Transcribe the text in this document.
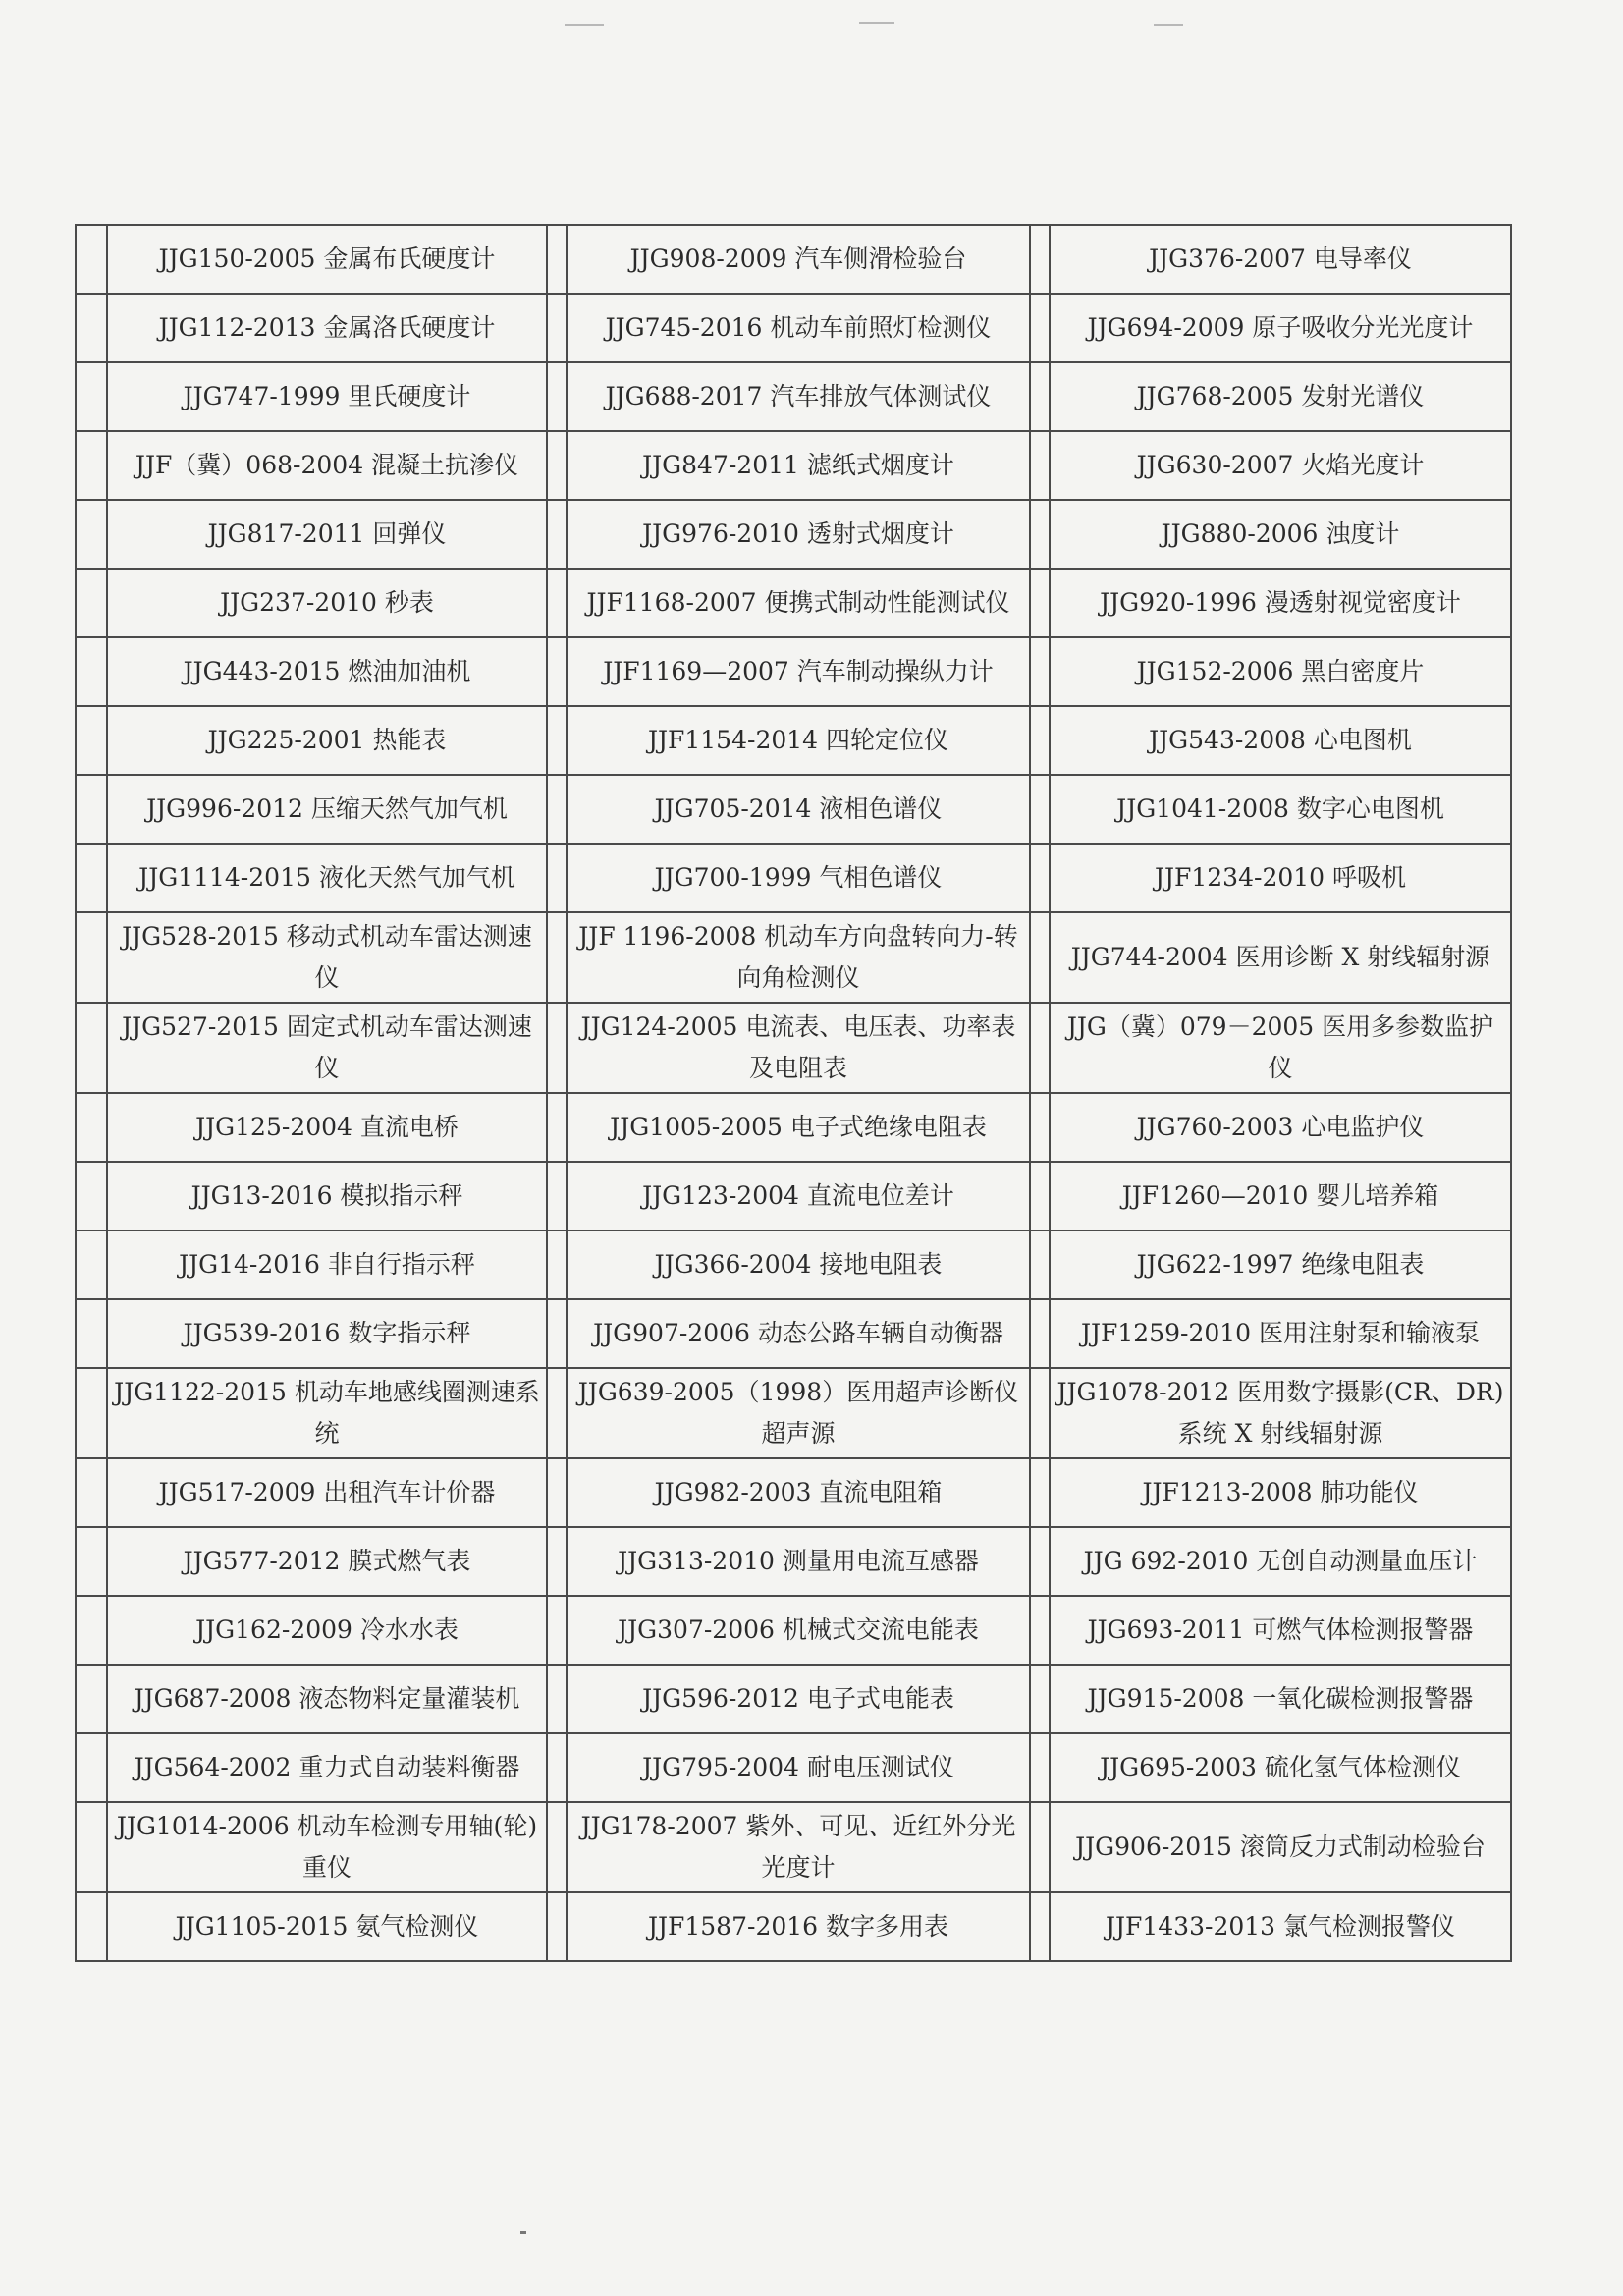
	JJG150-2005 金属布氏硬度计		JJG908-2009 汽车侧滑检验台		JJG376-2007 电导率仪
	JJG112-2013 金属洛氏硬度计		JJG745-2016 机动车前照灯检测仪		JJG694-2009 原子吸收分光光度计
	JJG747-1999 里氏硬度计		JJG688-2017 汽车排放气体测试仪		JJG768-2005 发射光谱仪
	JJF（冀）068-2004 混凝土抗渗仪		JJG847-2011 滤纸式烟度计		JJG630-2007 火焰光度计
	JJG817-2011 回弹仪		JJG976-2010 透射式烟度计		JJG880-2006 浊度计
	JJG237-2010 秒表		JJF1168-2007 便携式制动性能测试仪		JJG920-1996 漫透射视觉密度计
	JJG443-2015 燃油加油机		JJF1169—2007 汽车制动操纵力计		JJG152-2006 黑白密度片
	JJG225-2001 热能表		JJF1154-2014 四轮定位仪		JJG543-2008 心电图机
	JJG996-2012 压缩天然气加气机		JJG705-2014 液相色谱仪		JJG1041-2008 数字心电图机
	JJG1114-2015 液化天然气加气机		JJG700-1999 气相色谱仪		JJF1234-2010 呼吸机
	JJG528-2015 移动式机动车雷达测速仪		JJF 1196-2008 机动车方向盘转向力-转向角检测仪		JJG744-2004 医用诊断 X 射线辐射源
	JJG527-2015 固定式机动车雷达测速仪		JJG124-2005 电流表、电压表、功率表及电阻表		JJG（冀）079－2005 医用多参数监护仪
	JJG125-2004 直流电桥		JJG1005-2005 电子式绝缘电阻表		JJG760-2003 心电监护仪
	JJG13-2016 模拟指示秤		JJG123-2004 直流电位差计		JJF1260—2010 婴儿培养箱
	JJG14-2016 非自行指示秤		JJG366-2004 接地电阻表		JJG622-1997 绝缘电阻表
	JJG539-2016 数字指示秤		JJG907-2006 动态公路车辆自动衡器		JJF1259-2010 医用注射泵和输液泵
	JJG1122-2015 机动车地感线圈测速系统		JJG639-2005（1998）医用超声诊断仪超声源		JJG1078-2012 医用数字摄影(CR、DR)系统 X 射线辐射源
	JJG517-2009 出租汽车计价器		JJG982-2003 直流电阻箱		JJF1213-2008 肺功能仪
	JJG577-2012 膜式燃气表		JJG313-2010 测量用电流互感器		JJG 692-2010 无创自动测量血压计
	JJG162-2009 冷水水表		JJG307-2006 机械式交流电能表		JJG693-2011 可燃气体检测报警器
	JJG687-2008 液态物料定量灌装机		JJG596-2012 电子式电能表		JJG915-2008 一氧化碳检测报警器
	JJG564-2002 重力式自动装料衡器		JJG795-2004 耐电压测试仪		JJG695-2003 硫化氢气体检测仪
	JJG1014-2006 机动车检测专用轴(轮)重仪		JJG178-2007 紫外、可见、近红外分光光度计		JJG906-2015 滚筒反力式制动检验台
	JJG1105-2015 氨气检测仪		JJF1587-2016 数字多用表		JJF1433-2013 氯气检测报警仪
